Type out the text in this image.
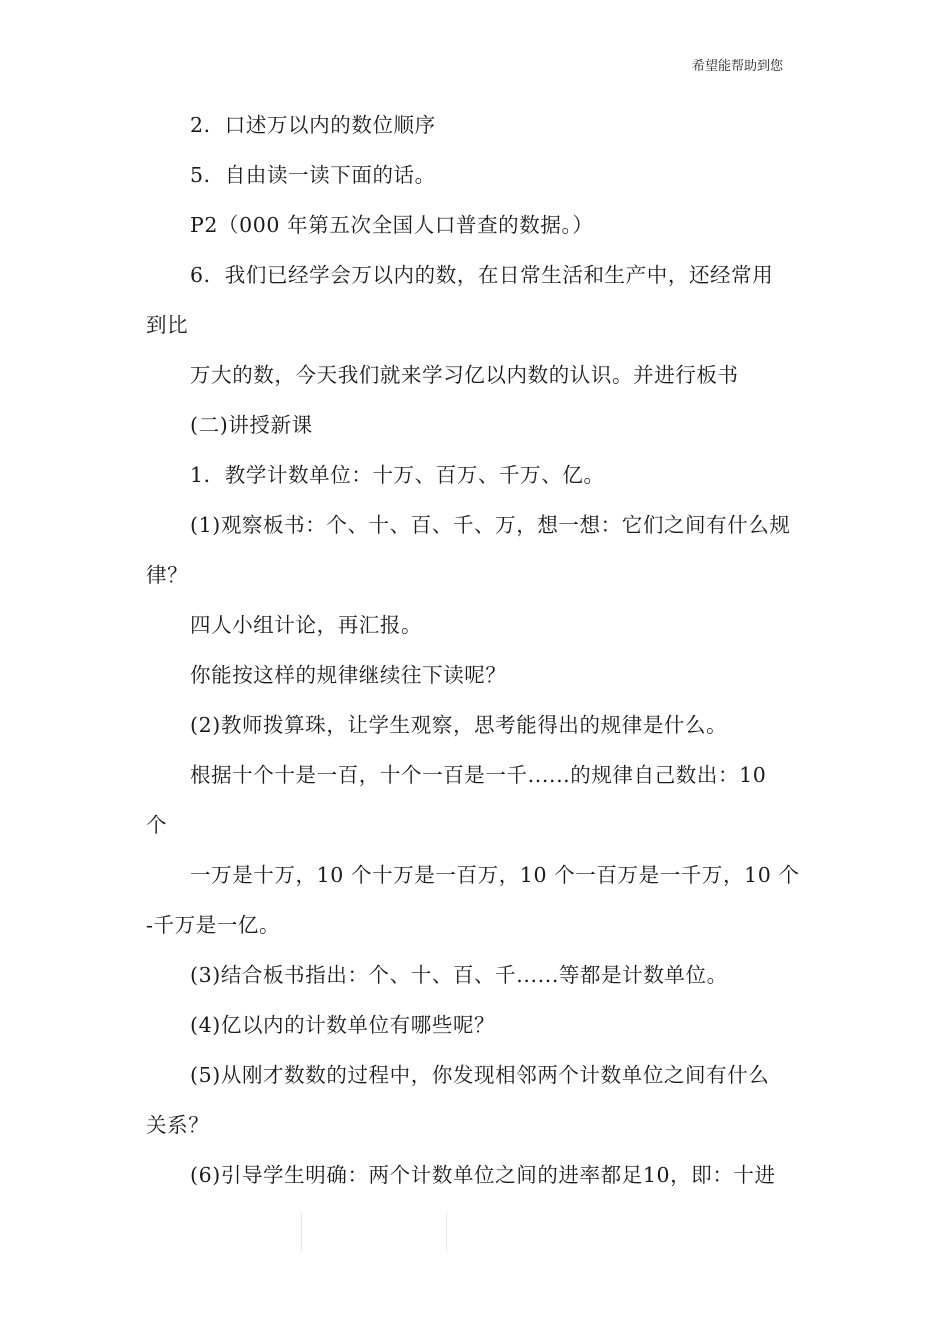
希望能帮助到您
2．口述万以内的数位顺序
5．自由读一读下面的话。
P2（000 年第五次全国人口普查的数据。）
6．我们已经学会万以内的数，在日常生活和生产中，还经常用
到比
万大的数，今天我们就来学习亿以内数的认识。并进行板书
(二)讲授新课
1．教学计数单位：十万、百万、千万、亿。
(1)观察板书：个、十、百、千、万，想一想：它们之间有什么规
律？
四人小组计论，再汇报。
你能按这样的规律继续往下读呢？
(2)教师拨算珠，让学生观察，思考能得出的规律是什么。
根据十个十是一百，十个一百是一千......的规律自己数出：10
个
一万是十万，10 个十万是一百万，10 个一百万是一千万，10 个
-千万是一亿。
(3)结合板书指出：个、十、百、千......等都是计数单位。
(4)亿以内的计数单位有哪些呢？
(5)从刚才数数的过程中，你发现相邻两个计数单位之间有什么
关系？
(6)引导学生明确：两个计数单位之间的进率都足10，即：十进
